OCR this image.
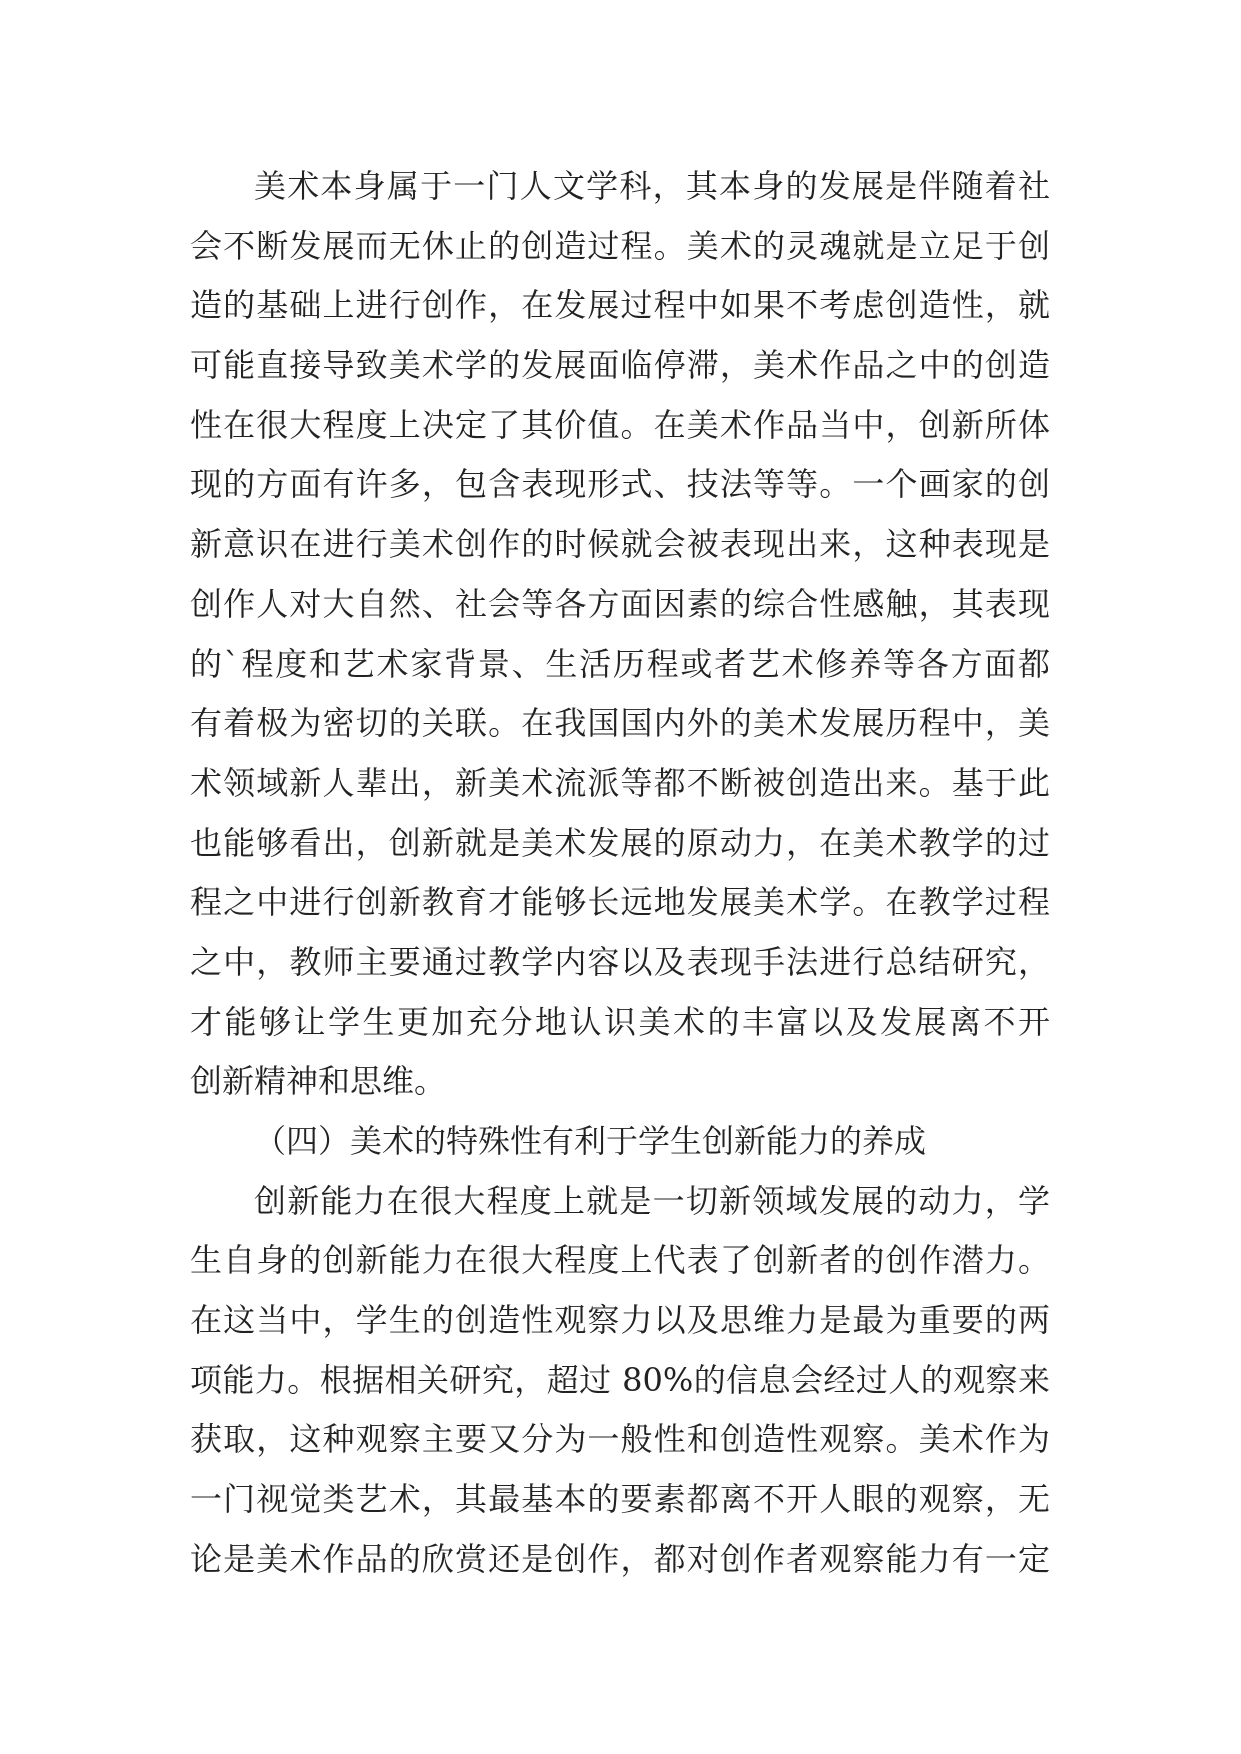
美术本身属于一门人文学科，其本身的发展是伴随着社
会不断发展而无休止的创造过程。美术的灵魂就是立足于创
造的基础上进行创作，在发展过程中如果不考虑创造性，就
可能直接导致美术学的发展面临停滞，美术作品之中的创造
性在很大程度上决定了其价值。在美术作品当中，创新所体
现的方面有许多，包含表现形式、技法等等。一个画家的创
新意识在进行美术创作的时候就会被表现出来，这种表现是
创作人对大自然、社会等各方面因素的综合性感触，其表现
的`程度和艺术家背景、生活历程或者艺术修养等各方面都
有着极为密切的关联。在我国国内外的美术发展历程中，美
术领域新人辈出，新美术流派等都不断被创造出来。基于此
也能够看出，创新就是美术发展的原动力，在美术教学的过
程之中进行创新教育才能够长远地发展美术学。在教学过程
之中，教师主要通过教学内容以及表现手法进行总结研究，
才能够让学生更加充分地认识美术的丰富以及发展离不开
创新精神和思维。
（四）美术的特殊性有利于学生创新能力的养成
创新能力在很大程度上就是一切新领域发展的动力，学
生自身的创新能力在很大程度上代表了创新者的创作潜力。
在这当中，学生的创造性观察力以及思维力是最为重要的两
项能力。根据相关研究，超过 80%的信息会经过人的观察来
获取，这种观察主要又分为一般性和创造性观察。美术作为
一门视觉类艺术，其最基本的要素都离不开人眼的观察，无
论是美术作品的欣赏还是创作，都对创作者观察能力有一定
